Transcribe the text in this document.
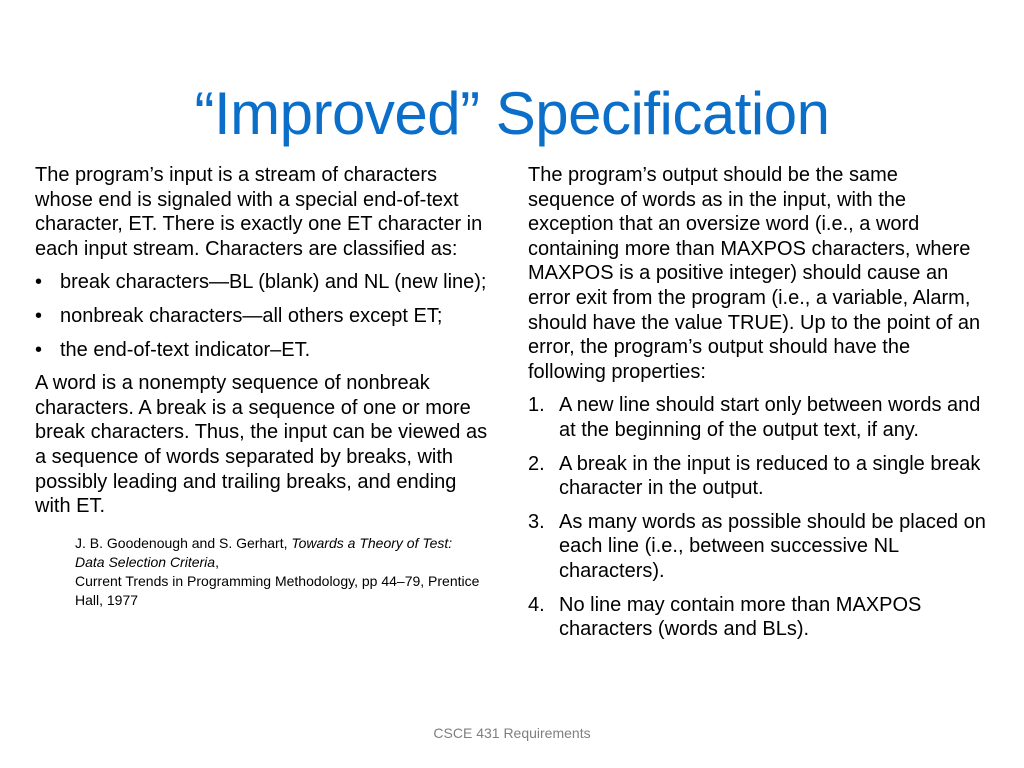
“Improved” Specification

The program’s input is a stream of characters whose end is signaled with a special end-of-text character, ET. There is exactly one ET character in each input stream. Characters are classified as:

• break characters—BL (blank) and NL (new line);
• nonbreak characters—all others except ET;
• the end-of-text indicator–ET.

A word is a nonempty sequence of nonbreak characters. A break is a sequence of one or more break characters. Thus, the input can be viewed as a sequence of words separated by breaks, with possibly leading and trailing breaks, and ending with ET.

J. B. Goodenough and S. Gerhart, Towards a Theory of Test: Data Selection Criteria,
Current Trends in Programming Methodology, pp 44–79, Prentice Hall, 1977

The program’s output should be the same sequence of words as in the input, with the exception that an oversize word (i.e., a word containing more than MAXPOS characters, where MAXPOS is a positive integer) should cause an error exit from the program (i.e., a variable, Alarm, should have the value TRUE). Up to the point of an error, the program’s output should have the following properties:

1. A new line should start only between words and at the beginning of the output text, if any.
2. A break in the input is reduced to a single break character in the output.
3. As many words as possible should be placed on each line (i.e., between successive NL characters).
4. No line may contain more than MAXPOS characters (words and BLs).
CSCE 431 Requirements
